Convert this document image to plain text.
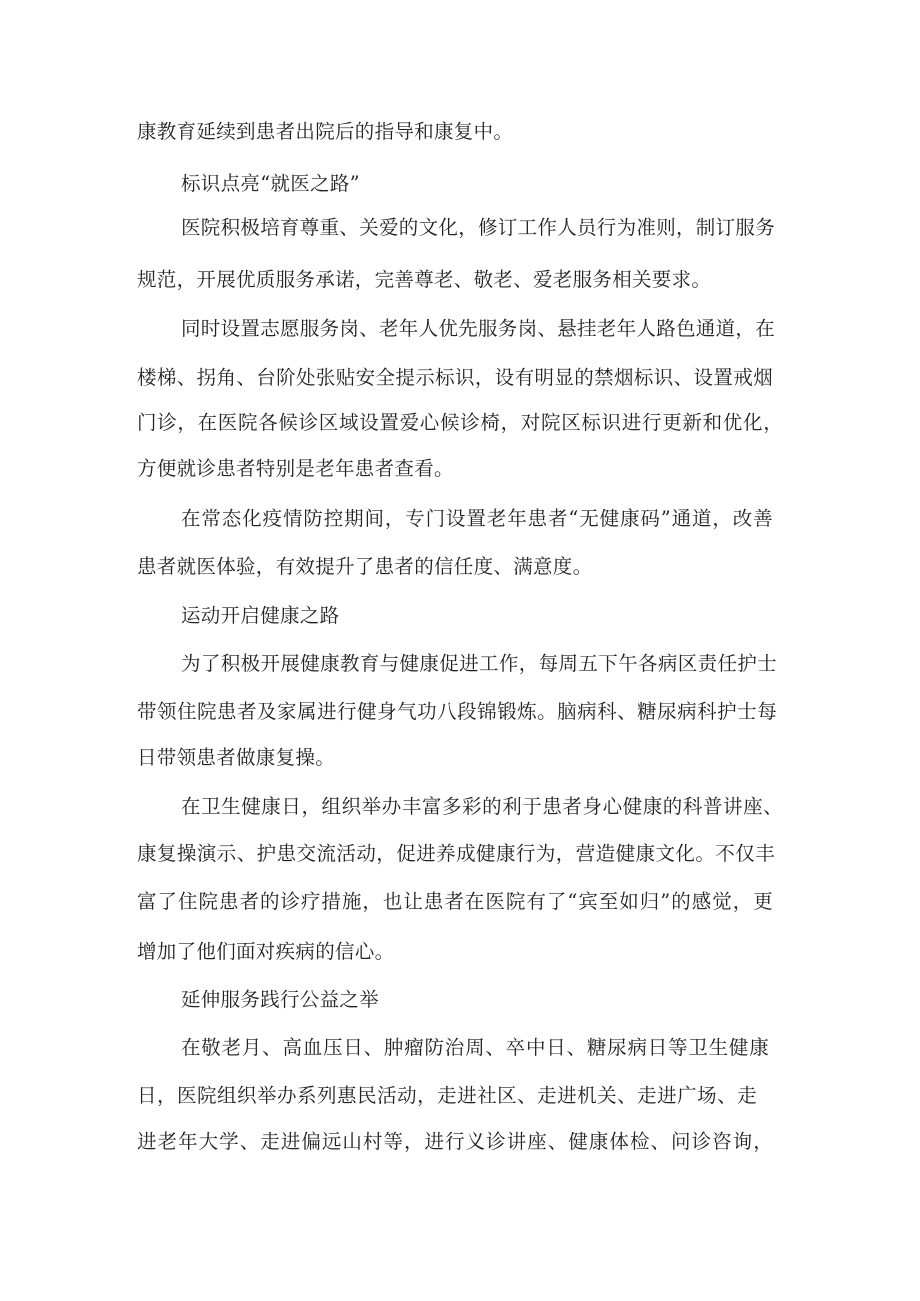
康教育延续到患者出院后的指导和康复中。

标识点亮“就医之路”

医院积极培育尊重、关爱的文化，修订工作人员行为准则，制订服务

规范，开展优质服务承诺，完善尊老、敬老、爱老服务相关要求。

同时设置志愿服务岗、老年人优先服务岗、悬挂老年人路色通道，在

楼梯、拐角、台阶处张贴安全提示标识，设有明显的禁烟标识、设置戒烟

门诊，在医院各候诊区域设置爱心候诊椅，对院区标识进行更新和优化，

方便就诊患者特别是老年患者查看。

在常态化疫情防控期间，专门设置老年患者“无健康码”通道，改善

患者就医体验，有效提升了患者的信任度、满意度。

运动开启健康之路

为了积极开展健康教育与健康促进工作，每周五下午各病区责任护士

带领住院患者及家属进行健身气功八段锦锻炼。脑病科、糖尿病科护士每

日带领患者做康复操。

在卫生健康日，组织举办丰富多彩的利于患者身心健康的科普讲座、

康复操演示、护患交流活动，促进养成健康行为，营造健康文化。不仅丰

富了住院患者的诊疗措施，也让患者在医院有了“宾至如归”的感觉，更

增加了他们面对疾病的信心。

延伸服务践行公益之举

在敬老月、高血压日、肿瘤防治周、卒中日、糖尿病日等卫生健康

日，医院组织举办系列惠民活动，走进社区、走进机关、走进广场、走

进老年大学、走进偏远山村等，进行义诊讲座、健康体检、问诊咨询，
